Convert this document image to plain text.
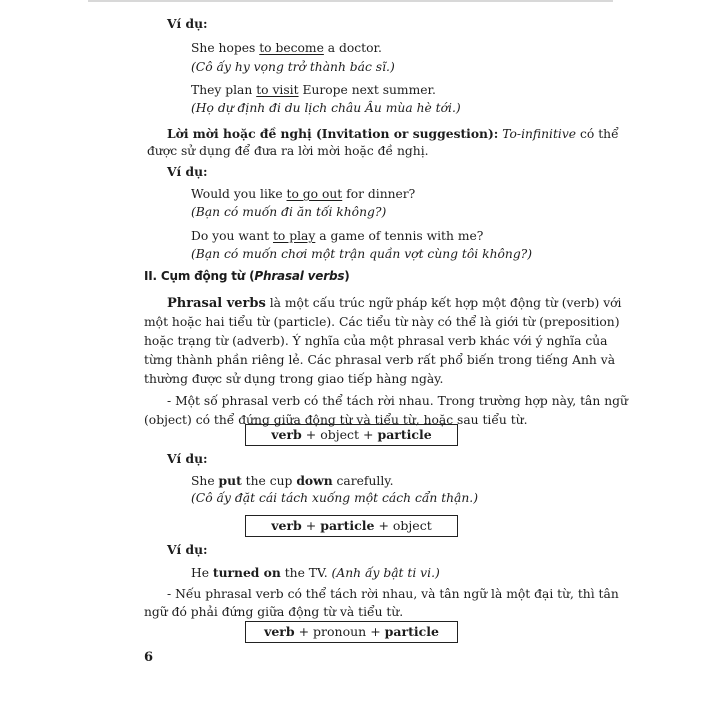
Ví dụ:
She hopes to become a doctor.
(Cô ấy hy vọng trở thành bác sĩ.)
They plan to visit Europe next summer.
(Họ dự định đi du lịch châu Âu mùa hè tới.)
Lời mời hoặc đề nghị (Invitation or suggestion): To-infinitive có thể
được sử dụng để đưa ra lời mời hoặc đề nghị.
Ví dụ:
Would you like to go out for dinner?
(Bạn có muốn đi ăn tối không?)
Do you want to play a game of tennis with me?
(Bạn có muốn chơi một trận quần vợt cùng tôi không?)
II. Cụm động từ (Phrasal verbs)
Phrasal verbs là một cấu trúc ngữ pháp kết hợp một động từ (verb) với
một hoặc hai tiểu từ (particle). Các tiểu từ này có thể là giới từ (preposition)
hoặc trạng từ (adverb). Ý nghĩa của một phrasal verb khác với ý nghĩa của
từng thành phần riêng lẻ. Các phrasal verb rất phổ biến trong tiếng Anh và
thường được sử dụng trong giao tiếp hàng ngày.
- Một số phrasal verb có thể tách rời nhau. Trong trường hợp này, tân ngữ
(object) có thể đứng giữa động từ và tiểu từ, hoặc sau tiểu từ.
verb + object + particle
Ví dụ:
She put the cup down carefully.
(Cô ấy đặt cái tách xuống một cách cẩn thận.)
verb + particle + object
Ví dụ:
He turned on the TV. (Anh ấy bật ti vi.)
- Nếu phrasal verb có thể tách rời nhau, và tân ngữ là một đại từ, thì tân
ngữ đó phải đứng giữa động từ và tiểu từ.
verb + pronoun + particle
6
